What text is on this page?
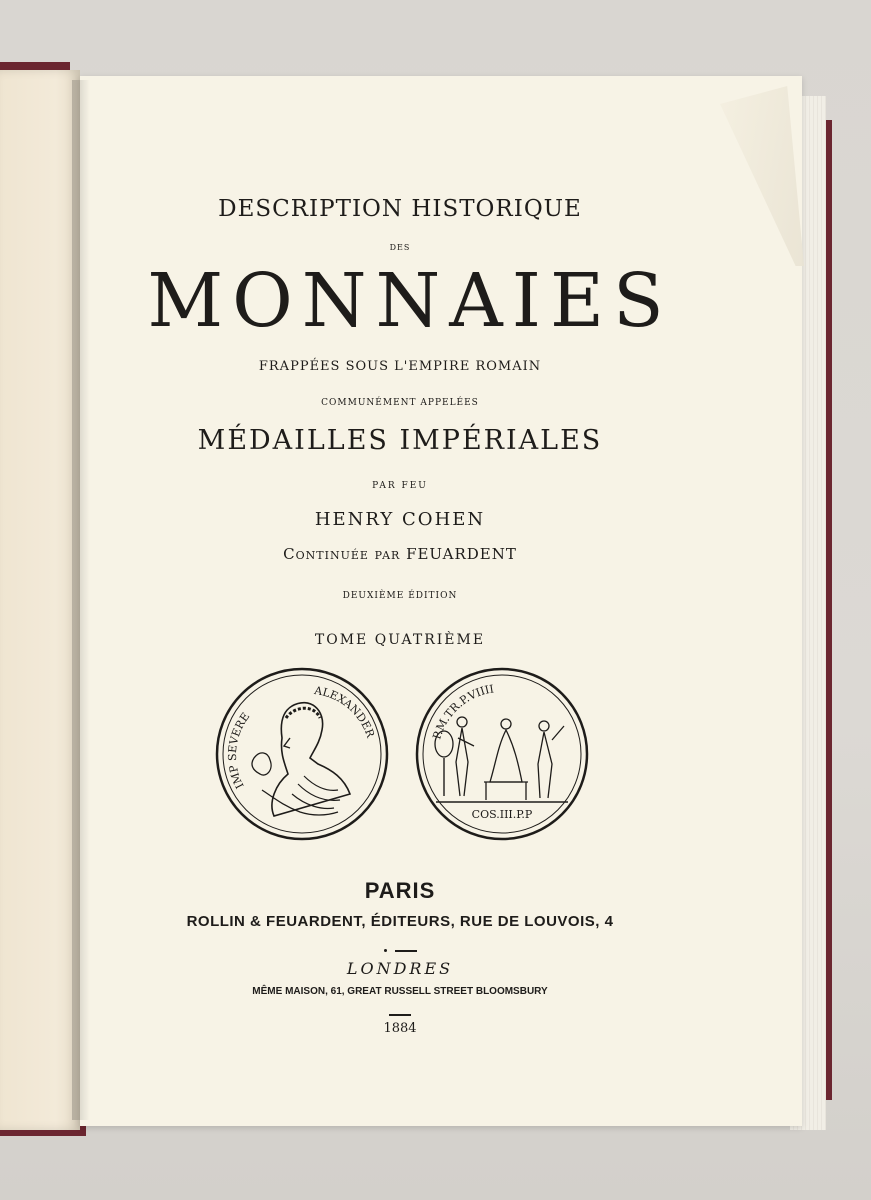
DESCRIPTION HISTORIQUE
DES
MONNAIES
FRAPPÉES SOUS L'EMPIRE ROMAIN
COMMUNÉMENT APPELÉES
MÉDAILLES IMPÉRIALES
PAR FEU
HENRY COHEN
Continuée par FEUARDENT
DEUXIÈME ÉDITION
TOME QUATRIÈME
IMP SEVERE
ALEXANDER	P.M.TR.P.VIIII
COS.III.P.P
PARIS
ROLLIN & FEUARDENT, ÉDITEURS, RUE DE LOUVOIS, 4
LONDRES
MÊME MAISON, 61, GREAT RUSSELL STREET BLOOMSBURY
1884
